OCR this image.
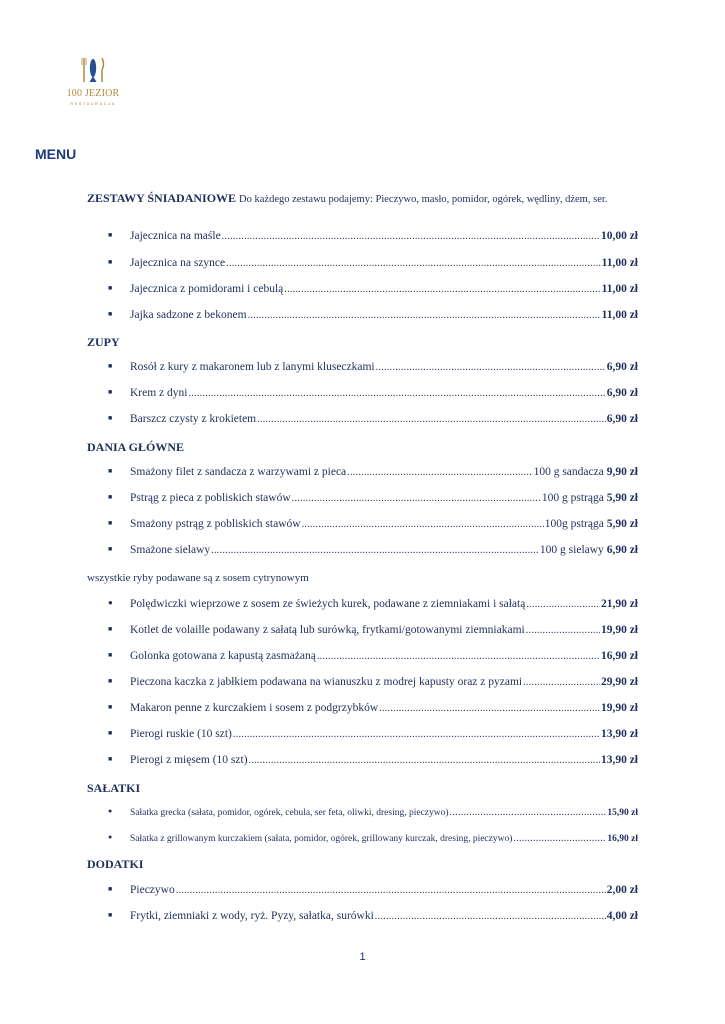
100 JEZIOR
RESTAURACJA
MENU
ZESTAWY ŚNIADANIOWE Do każdego zestawu podajemy: Pieczywo, masło, pomidor, ogórek, wędliny, dżem, ser.
■	Jajecznica na maśle .....	10,00 zł
■	Jajecznica na szynce .....	11,00 zł
■	Jajecznica z pomidorami i cebulą .....	11,00 zł
■	Jajka sadzone z bekonem .....	11,00 zł
ZUPY
■	Rosół z kury z makaronem lub z lanymi kluseczkami .....	6,90 zł
■	Krem z dyni .....	6,90 zł
■	Barszcz czysty z krokietem .....	6,90 zł
DANIA GŁÓWNE
■	Smażony filet z sandacza z warzywami z pieca .....	100 g sandacza 9,90 zł
■	Pstrąg z pieca z pobliskich stawów .....	100 g pstrąga 5,90 zł
■	Smażony pstrąg z pobliskich stawów .....	100g pstrąga 5,90 zł
■	Smażone sielawy .....	100 g sielawy 6,90 zł
wszystkie ryby podawane są z sosem cytrynowym
●	Polędwiczki wieprzowe z sosem ze świeżych kurek, podawane z ziemniakami i sałatą .....	21,90 zł
■	Kotlet de volaille podawany z sałatą lub surówką, frytkami/gotowanymi ziemniakami .....	19,90 zł
■	Golonka gotowana z kapustą zasmażaną .....	16,90 zł
■	Pieczona kaczka z jabłkiem podawana na wianuszku z modrej kapusty oraz z pyzami .....	29,90 zł
■	Makaron penne z kurczakiem i sosem z podgrzybków .....	19,90 zł
■	Pierogi ruskie (10 szt) .....	13,90 zł
■	Pierogi z mięsem (10 szt) .....	13,90 zł
SAŁATKI
●	Sałatka grecka (sałata, pomidor, ogórek, cebula, ser feta, oliwki, dresing, pieczywo) .....	15,90 zł
●	Sałatka z grillowanym kurczakiem (sałata, pomidor, ogórek, grillowany kurczak, dresing, pieczywo) .....	16,90 zł
DODATKI
■	Pieczywo .....	2,00 zł
■	Frytki, ziemniaki z wody, ryż. Pyzy, sałatka, surówki .....	4,00 zł
1
